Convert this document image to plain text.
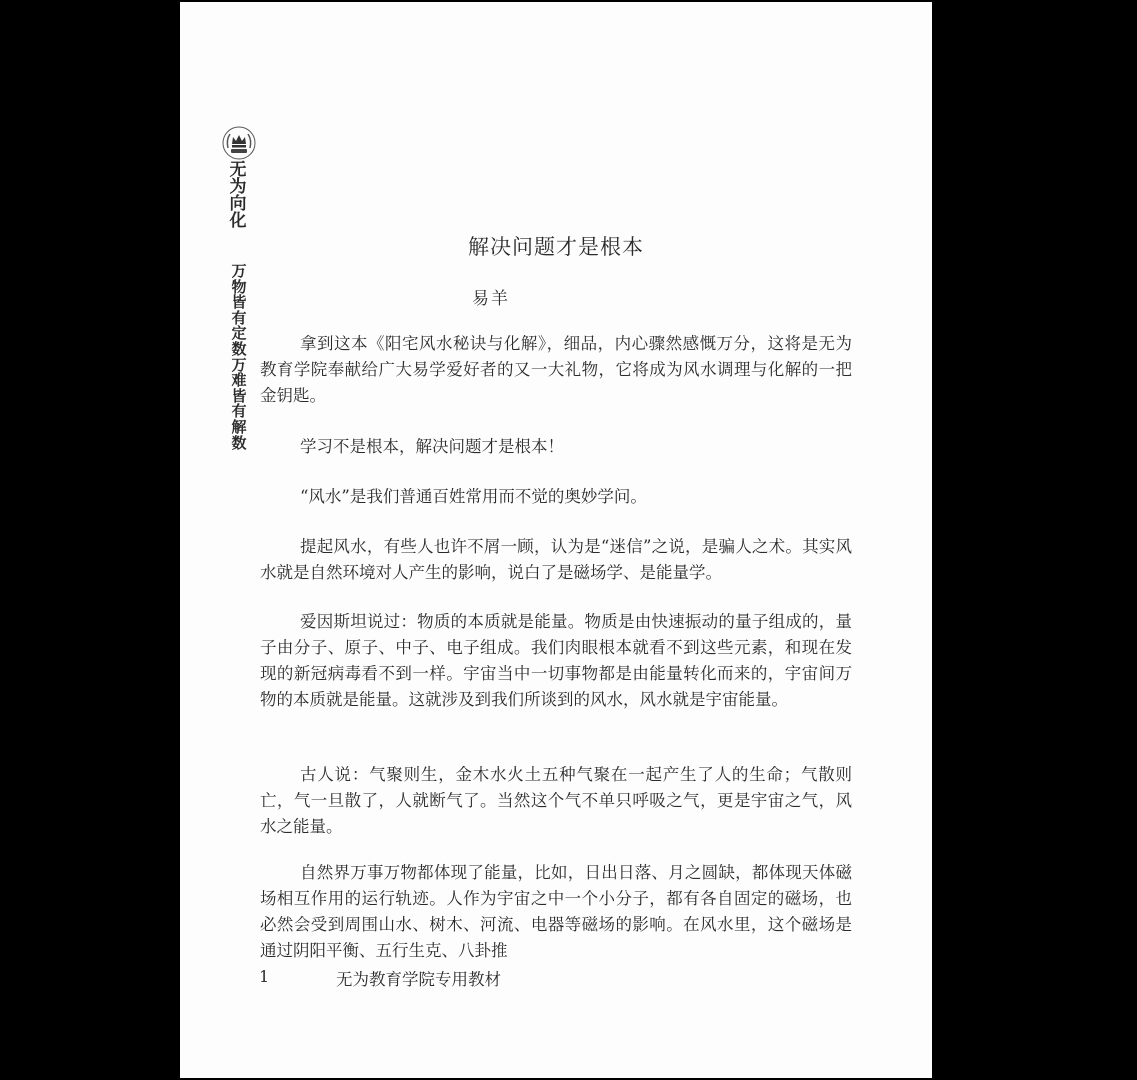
无为向化
万物皆有定数 万难皆有解数
解决问题才是根本
易羊

拿到这本《阳宅风水秘诀与化解》，细品，内心骤然感慨万分，这将是无为教育学院奉献给广大易学爱好者的又一大礼物，它将成为风水调理与化解的一把金钥匙。

学习不是根本，解决问题才是根本！

“风水”是我们普通百姓常用而不觉的奥妙学问。

提起风水，有些人也许不屑一顾，认为是“迷信”之说，是骗人之术。其实风水就是自然环境对人产生的影响，说白了是磁场学、是能量学。

爱因斯坦说过：物质的本质就是能量。物质是由快速振动的量子组成的，量子由分子、原子、中子、电子组成。我们肉眼根本就看不到这些元素，和现在发现的新冠病毒看不到一样。宇宙当中一切事物都是由能量转化而来的，宇宙间万物的本质就是能量。这就涉及到我们所谈到的风水，风水就是宇宙能量。

古人说：气聚则生，金木水火土五种气聚在一起产生了人的生命；气散则亡，气一旦散了，人就断气了。当然这个气不单只呼吸之气，更是宇宙之气，风水之能量。

自然界万事万物都体现了能量，比如，日出日落、月之圆缺，都体现天体磁场相互作用的运行轨迹。人作为宇宙之中一个小分子，都有各自固定的磁场，也必然会受到周围山水、树木、河流、电器等磁场的影响。在风水里，这个磁场是通过阴阳平衡、五行生克、八卦推

1	无为教育学院专用教材
